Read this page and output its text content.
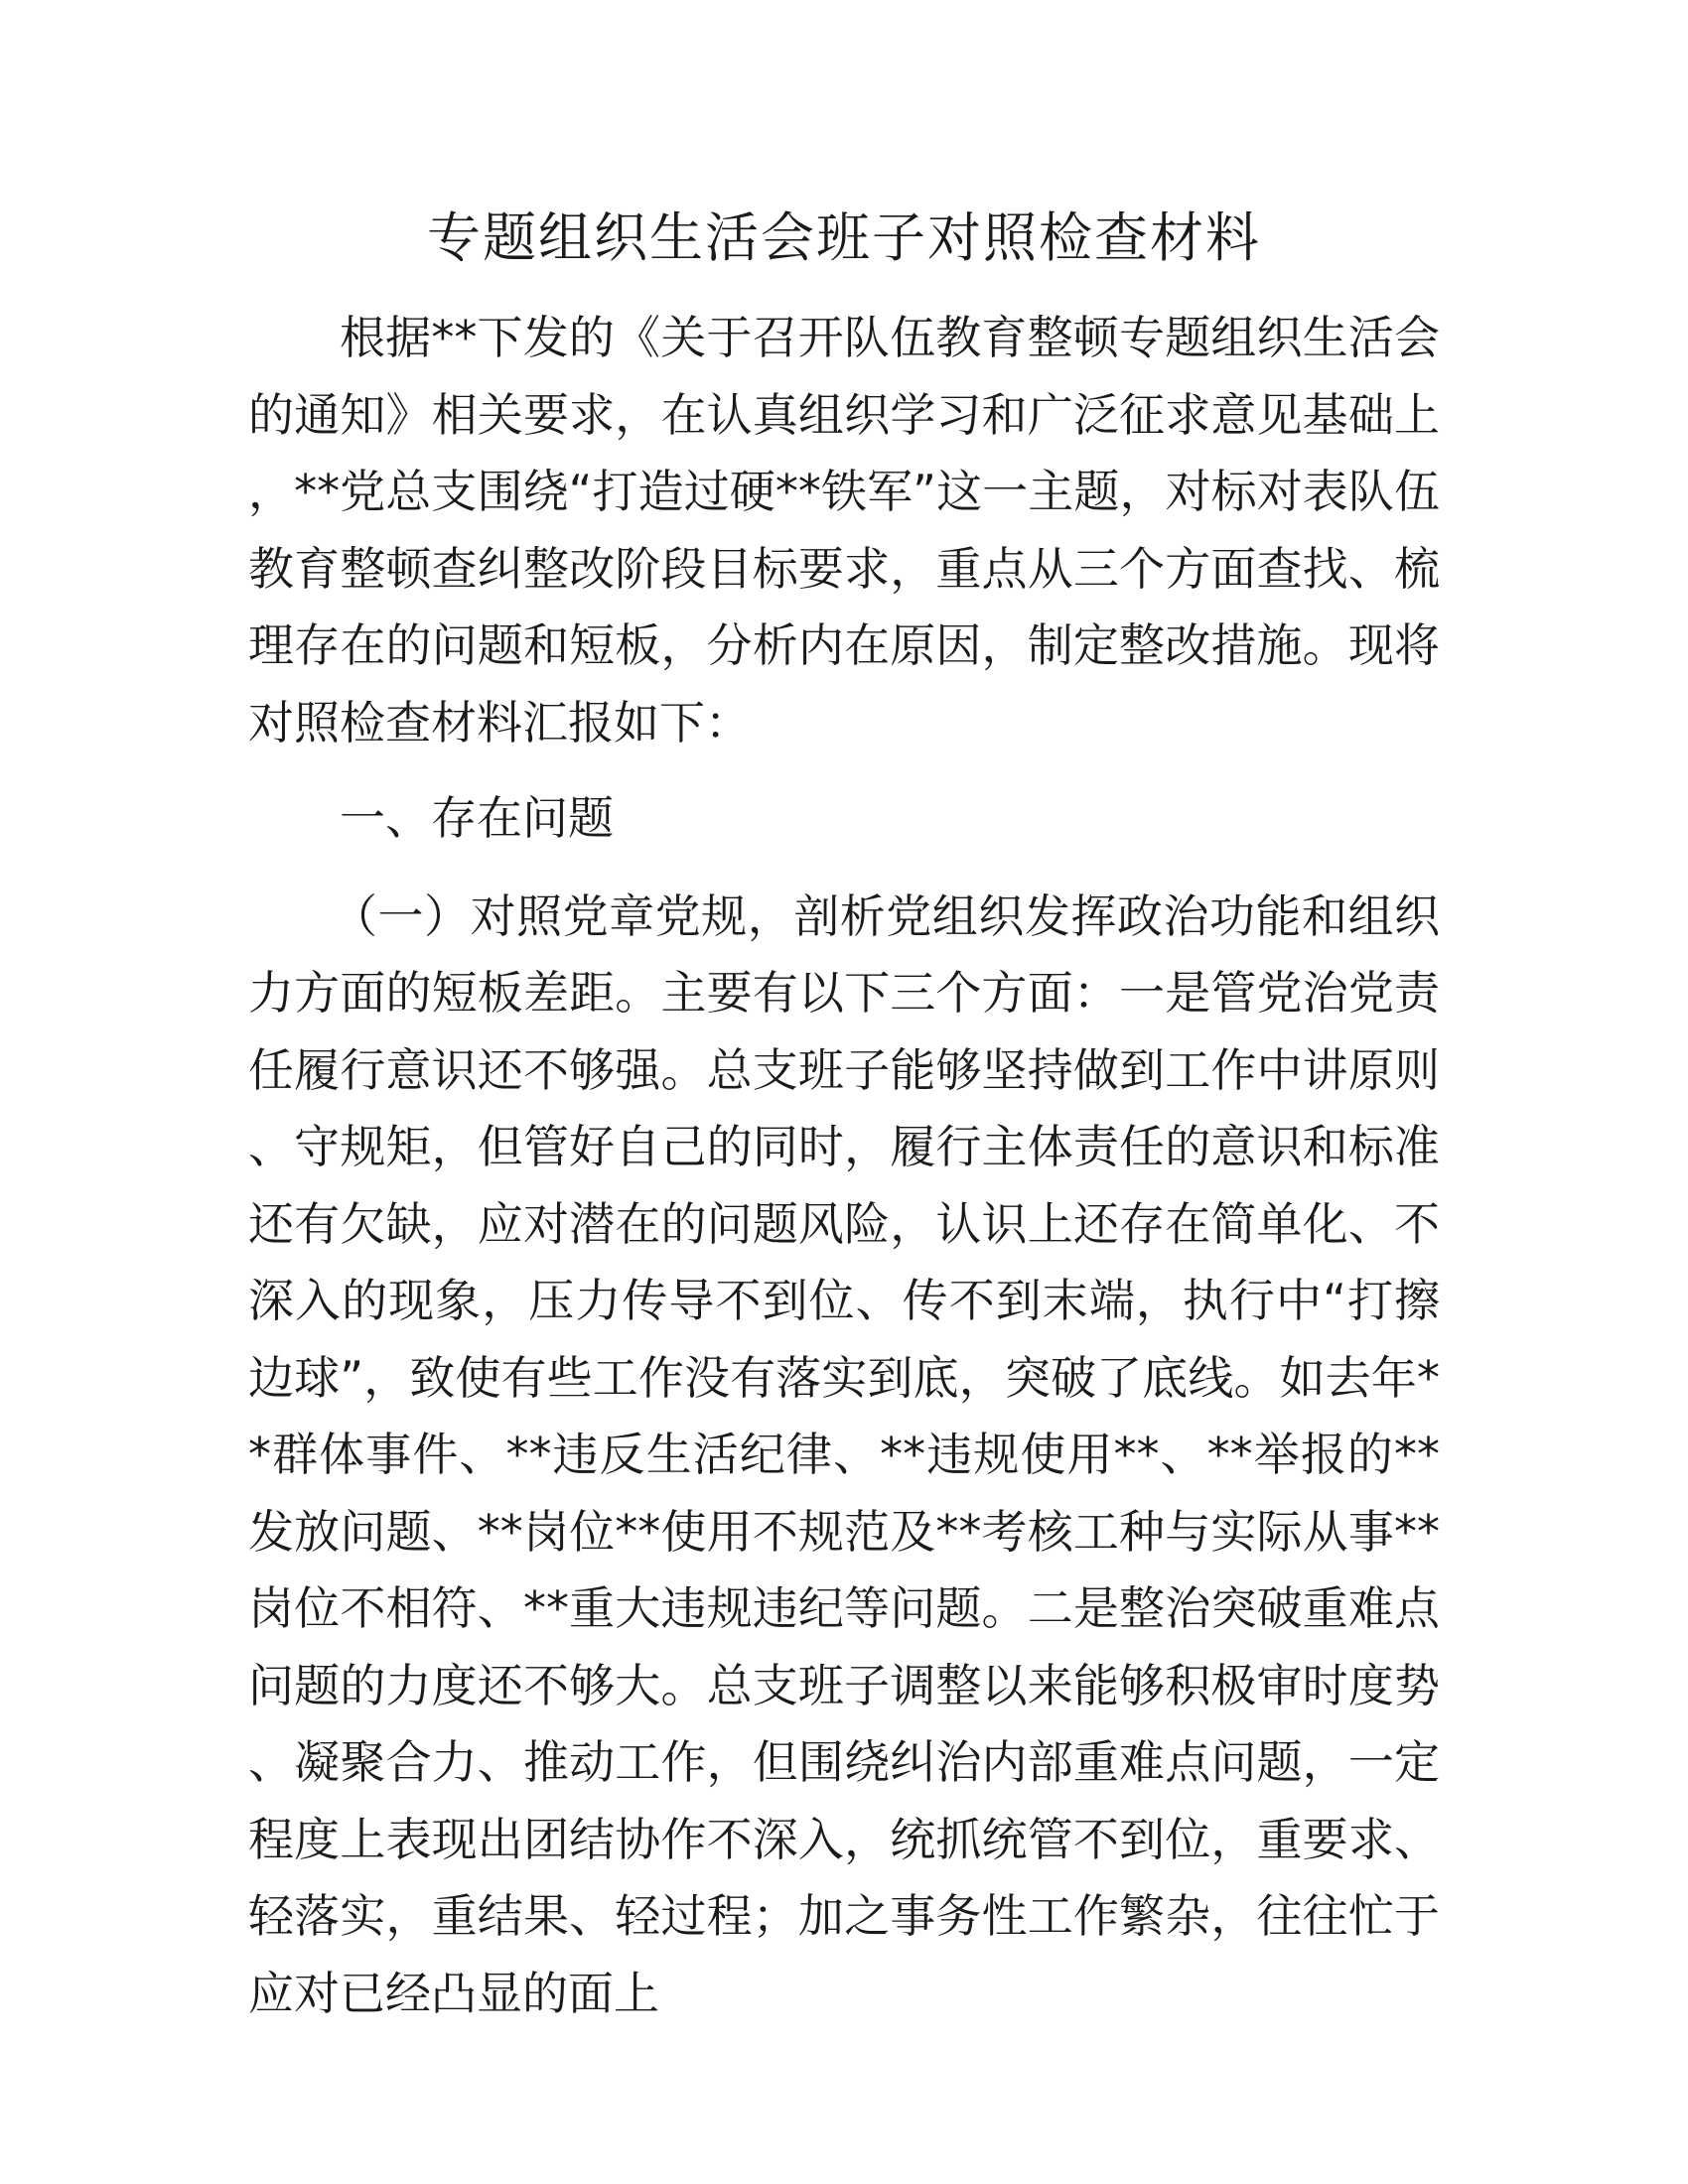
专题组织生活会班子对照检查材料

根据**下发的《关于召开队伍教育整顿专题组织生活会的通知》相关要求，在认真组织学习和广泛征求意见基础上，**党总支围绕“打造过硬**铁军”这一主题，对标对表队伍教育整顿查纠整改阶段目标要求，重点从三个方面查找、梳理存在的问题和短板，分析内在原因，制定整改措施。现将对照检查材料汇报如下：

一、存在问题

（一）对照党章党规，剖析党组织发挥政治功能和组织力方面的短板差距。主要有以下三个方面：一是管党治党责任履行意识还不够强。总支班子能够坚持做到工作中讲原则、守规矩，但管好自己的同时，履行主体责任的意识和标准还有欠缺，应对潜在的问题风险，认识上还存在简单化、不深入的现象，压力传导不到位、传不到末端，执行中“打擦边球”，致使有些工作没有落实到底，突破了底线。如去年**群体事件、**违反生活纪律、**违规使用**、**举报的**发放问题、**岗位**使用不规范及**考核工种与实际从事**岗位不相符、**重大违规违纪等问题。二是整治突破重难点问题的力度还不够大。总支班子调整以来能够积极审时度势、凝聚合力、推动工作，但围绕纠治内部重难点问题，一定程度上表现出团结协作不深入，统抓统管不到位，重要求、轻落实，重结果、轻过程；加之事务性工作繁杂，往往忙于应对已经凸显的面上
